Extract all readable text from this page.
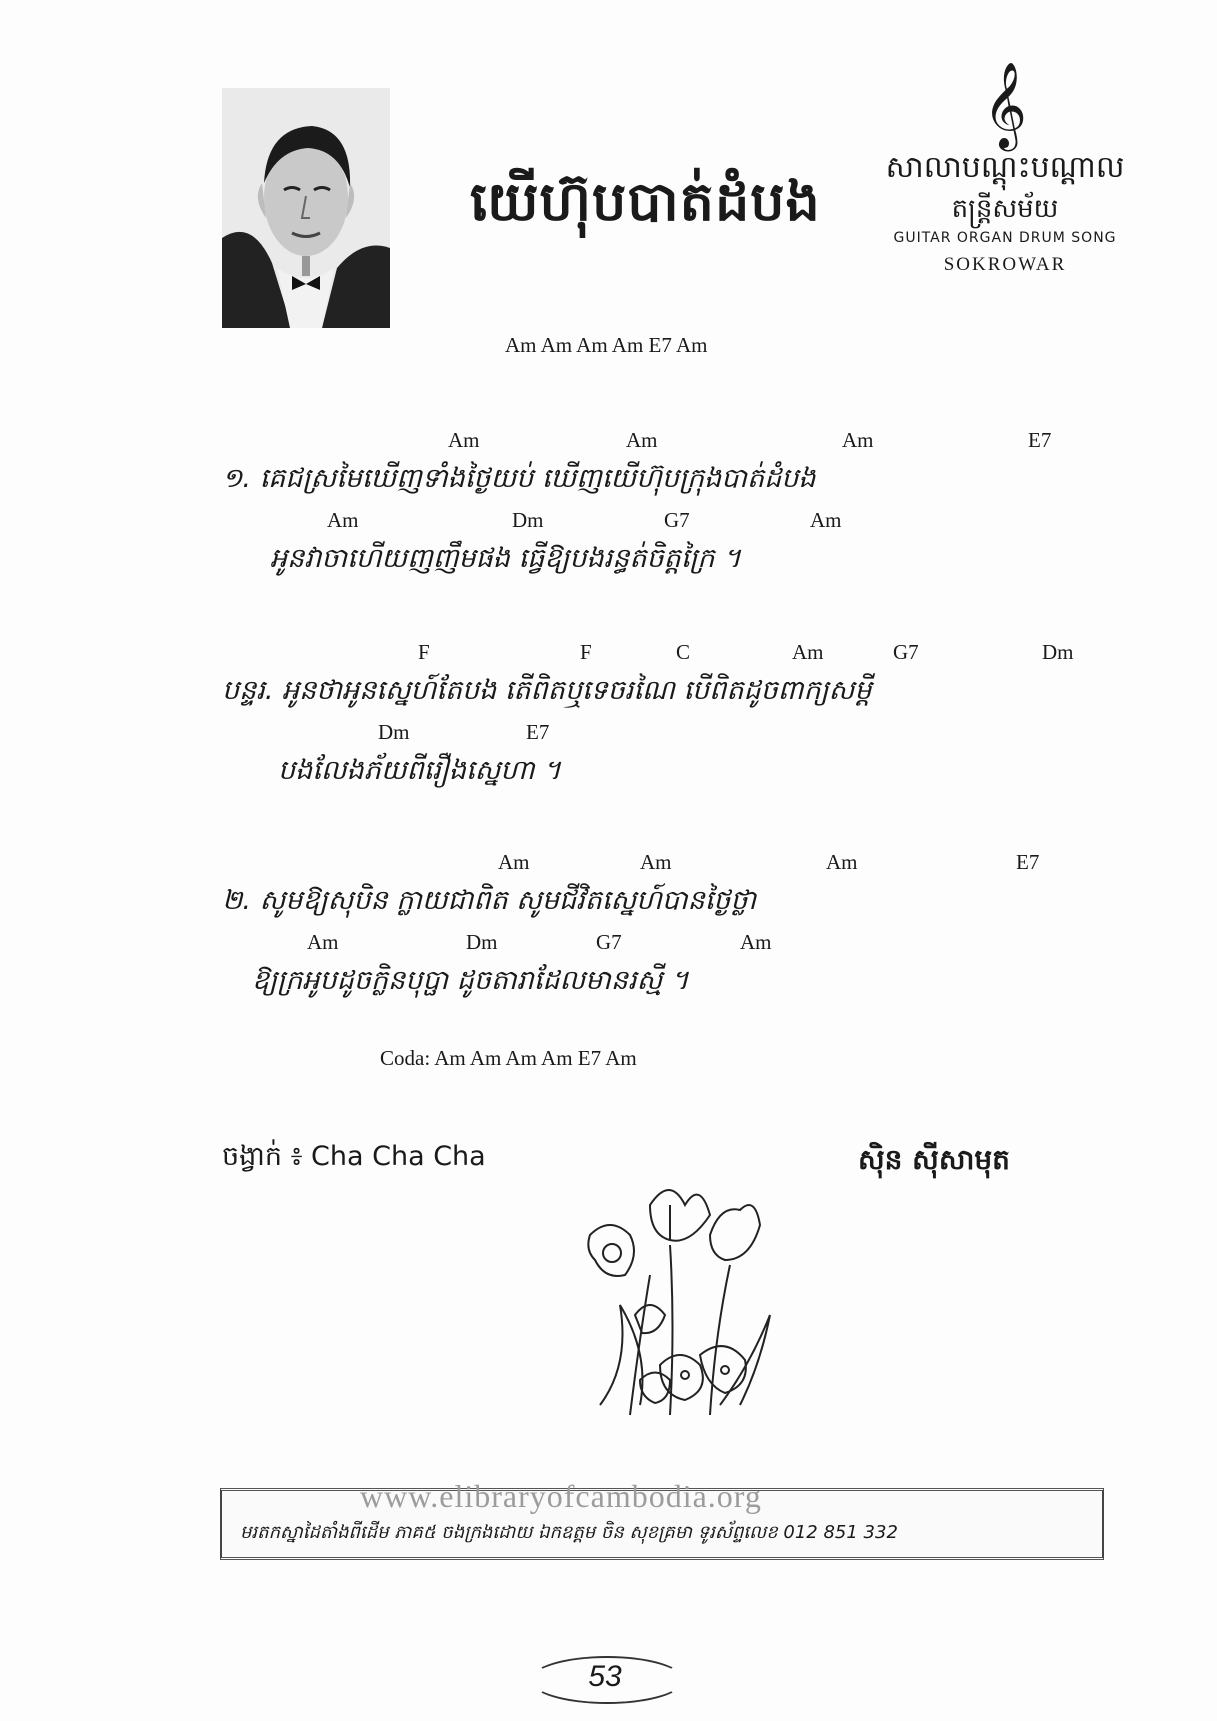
យើហ៊ុបបាត់ដំបង
𝄞
សាលាបណ្តុះបណ្តាល
តន្ត្រីសម័យ
GUITAR ORGAN DRUM SONG
SOKROWAR
Am Am Am Am E7 Am
Am	Am	Am	E7
១. គេជស្រមៃឃើញទាំងថ្ងៃយប់ ឃើញយើហ៊ុបក្រុងបាត់ដំបង
Am	Dm	G7	Am
អូនវាចាហើយញញឹមផង ធ្វើឱ្យបងរន្ធត់ចិត្តក្រៃ ។
F	F	C	Am	G7	Dm
បន្ទរ. អូនថាអូនស្នេហ៍តែបង តើពិតឬទេចរណៃ បើពិតដូចពាក្យសម្តី
Dm	E7
បងលែងភ័យពីរឿងស្នេហា ។
Am	Am	Am	E7
២. សូមឱ្យសុបិន ក្លាយជាពិត សូមជីវិតស្នេហ៍បានថ្ងៃថ្លា
Am	Dm	G7	Am
ឱ្យក្រអូបដូចក្លិនបុប្ផា ដូចតារាដែលមានរស្មី ។
Coda: Am Am Am Am E7 Am
ចង្វាក់ ៖ Cha Cha Cha	ស៊ិន ស៊ីសាមុត
www.elibraryofcambodia.org
មរតកស្នាដៃតាំងពីដើម ភាគ៥ ចងក្រងដោយ ឯកឧត្តម ចិន សុខគ្រមា ទូរស័ព្ទលេខ 012 851 332
53
